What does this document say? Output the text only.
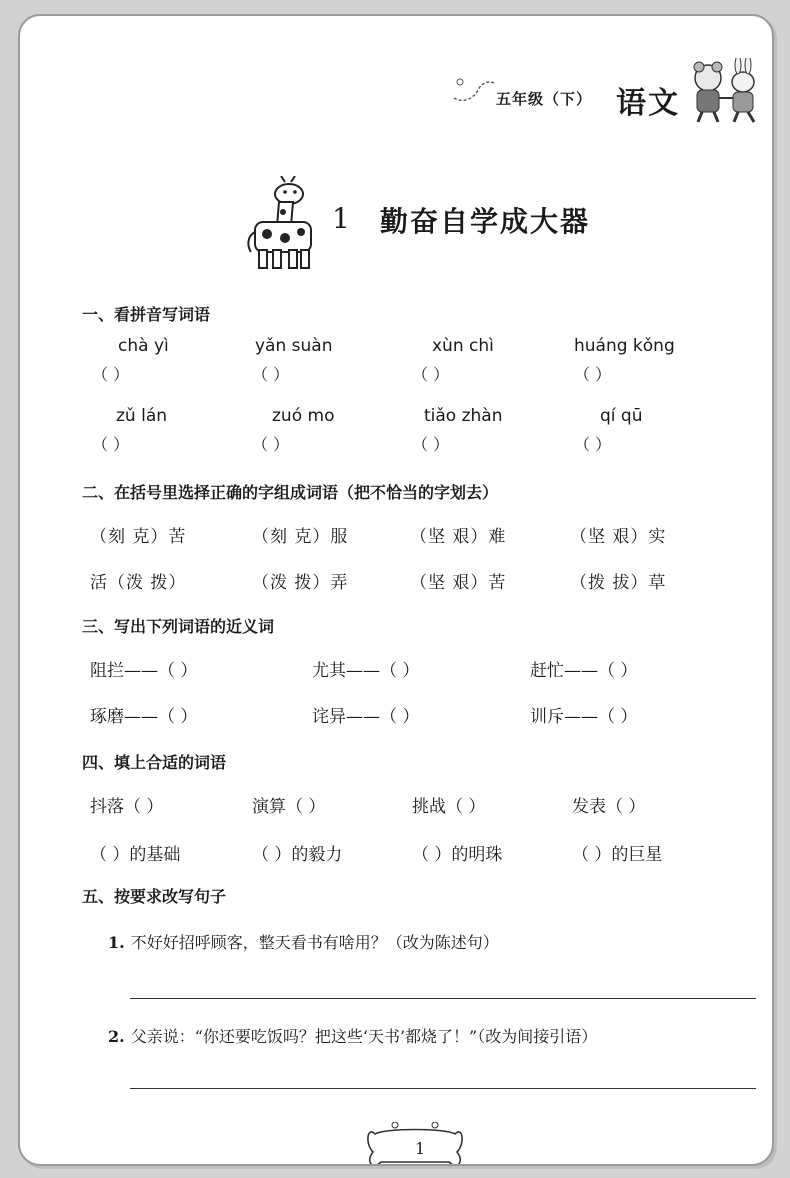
五年级（下） 语文
1 勤奋自学成大器
一、看拼音写词语
chà yì	yǎn suàn	xùn chì	huáng kǒng
（ ）	（ ）	（ ）	（ ）
zǔ lán	zuó mo	tiǎo zhàn	qí qū
（ ）	（ ）	（ ）	（ ）
二、在括号里选择正确的字组成词语（把不恰当的字划去）
（刻 克）苦	（刻 克）服	（坚 艰）难	（坚 艰）实
活（泼 拨）	（泼 拨）弄	（坚 艰）苦	（拨 拔）草
三、写出下列词语的近义词
阻拦——（ ）	尤其——（ ）	赶忙——（ ）
琢磨——（ ）	诧异——（ ）	训斥——（ ）
四、填上合适的词语
抖落（ ）	演算（ ）	挑战（ ）	发表（ ）
（ ）的基础	（ ）的毅力	（ ）的明珠	（ ）的巨星
五、按要求改写句子
1. 不好好招呼顾客，整天看书有啥用？（改为陈述句）
2. 父亲说：“你还要吃饭吗？把这些‘天书’都烧了！”（改为间接引语）
1
